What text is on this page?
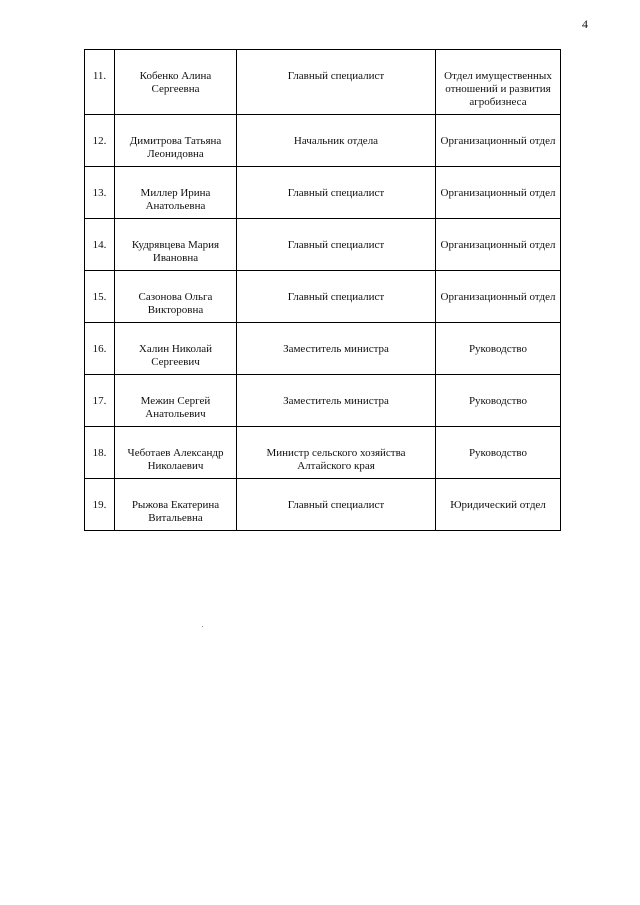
4
11.	Кобенко Алина Сергеевна	Главный специалист	Отдел имущественных отношений и развития агробизнеса
12.	Димитрова Татьяна Леонидовна	Начальник отдела	Организационный отдел
13.	Миллер Ирина Анатольевна	Главный специалист	Организационный отдел
14.	Кудрявцева Мария Ивановна	Главный специалист	Организационный отдел
15.	Сазонова Ольга Викторовна	Главный специалист	Организационный отдел
16.	Халин Николай Сергеевич	Заместитель министра	Руководство
17.	Межин Сергей Анатольевич	Заместитель министра	Руководство
18.	Чеботаев Александр Николаевич	Министр сельского хозяйства Алтайского края	Руководство
19.	Рыжова Екатерина Витальевна	Главный специалист	Юридический отдел
